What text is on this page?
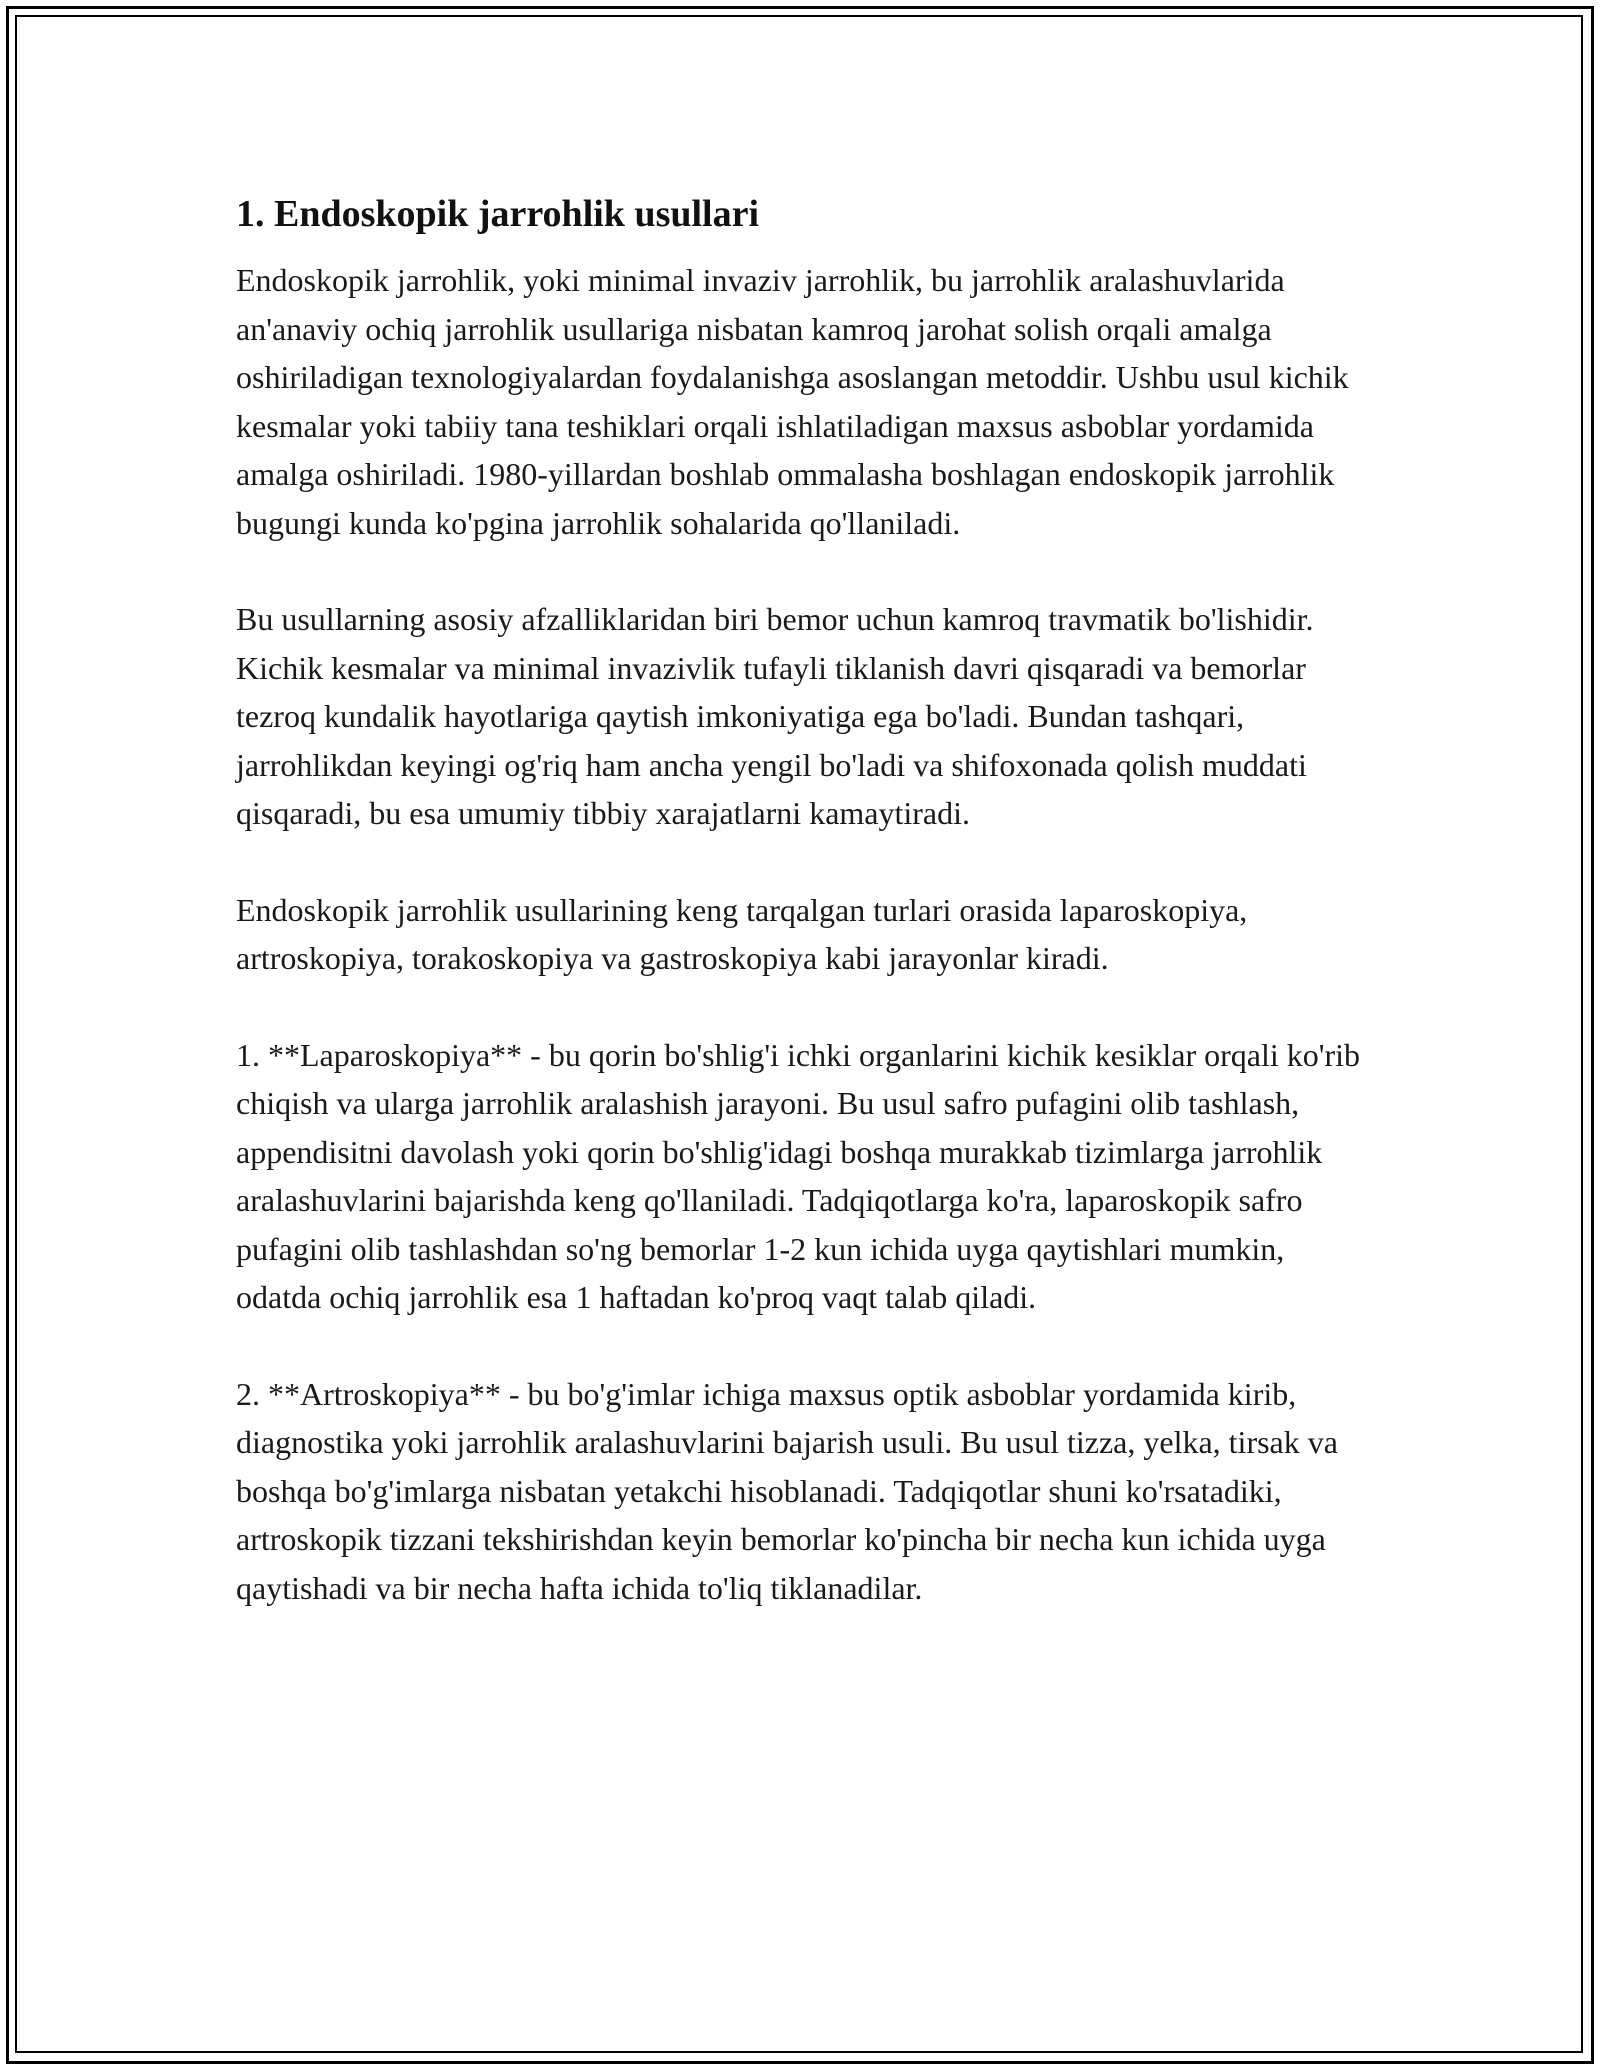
1. Endoskopik jarrohlik usullari

Endoskopik jarrohlik, yoki minimal invaziv jarrohlik, bu jarrohlik aralashuvlarida an'anaviy ochiq jarrohlik usullariga nisbatan kamroq jarohat solish orqali amalga oshiriladigan texnologiyalardan foydalanishga asoslangan metoddir. Ushbu usul kichik kesmalar yoki tabiiy tana teshiklari orqali ishlatiladigan maxsus asboblar yordamida amalga oshiriladi. 1980-yillardan boshlab ommalasha boshlagan endoskopik jarrohlik bugungi kunda ko'pgina jarrohlik sohalarida qo'llaniladi.

Bu usullarning asosiy afzalliklaridan biri bemor uchun kamroq travmatik bo'lishidir. Kichik kesmalar va minimal invazivlik tufayli tiklanish davri qisqaradi va bemorlar tezroq kundalik hayotlariga qaytish imkoniyatiga ega bo'ladi. Bundan tashqari, jarrohlikdan keyingi og'riq ham ancha yengil bo'ladi va shifoxonada qolish muddati qisqaradi, bu esa umumiy tibbiy xarajatlarni kamaytiradi.

Endoskopik jarrohlik usullarining keng tarqalgan turlari orasida laparoskopiya, artroskopiya, torakoskopiya va gastroskopiya kabi jarayonlar kiradi.

1. **Laparoskopiya** - bu qorin bo'shlig'i ichki organlarini kichik kesiklar orqali ko'rib chiqish va ularga jarrohlik aralashish jarayoni. Bu usul safro pufagini olib tashlash, appendisitni davolash yoki qorin bo'shlig'idagi boshqa murakkab tizimlarga jarrohlik aralashuvlarini bajarishda keng qo'llaniladi. Tadqiqotlarga ko'ra, laparoskopik safro pufagini olib tashlashdan so'ng bemorlar 1-2 kun ichida uyga qaytishlari mumkin, odatda ochiq jarrohlik esa 1 haftadan ko'proq vaqt talab qiladi.

2. **Artroskopiya** - bu bo'g'imlar ichiga maxsus optik asboblar yordamida kirib, diagnostika yoki jarrohlik aralashuvlarini bajarish usuli. Bu usul tizza, yelka, tirsak va boshqa bo'g'imlarga nisbatan yetakchi hisoblanadi. Tadqiqotlar shuni ko'rsatadiki, artroskopik tizzani tekshirishdan keyin bemorlar ko'pincha bir necha kun ichida uyga qaytishadi va bir necha hafta ichida to'liq tiklanadilar.
